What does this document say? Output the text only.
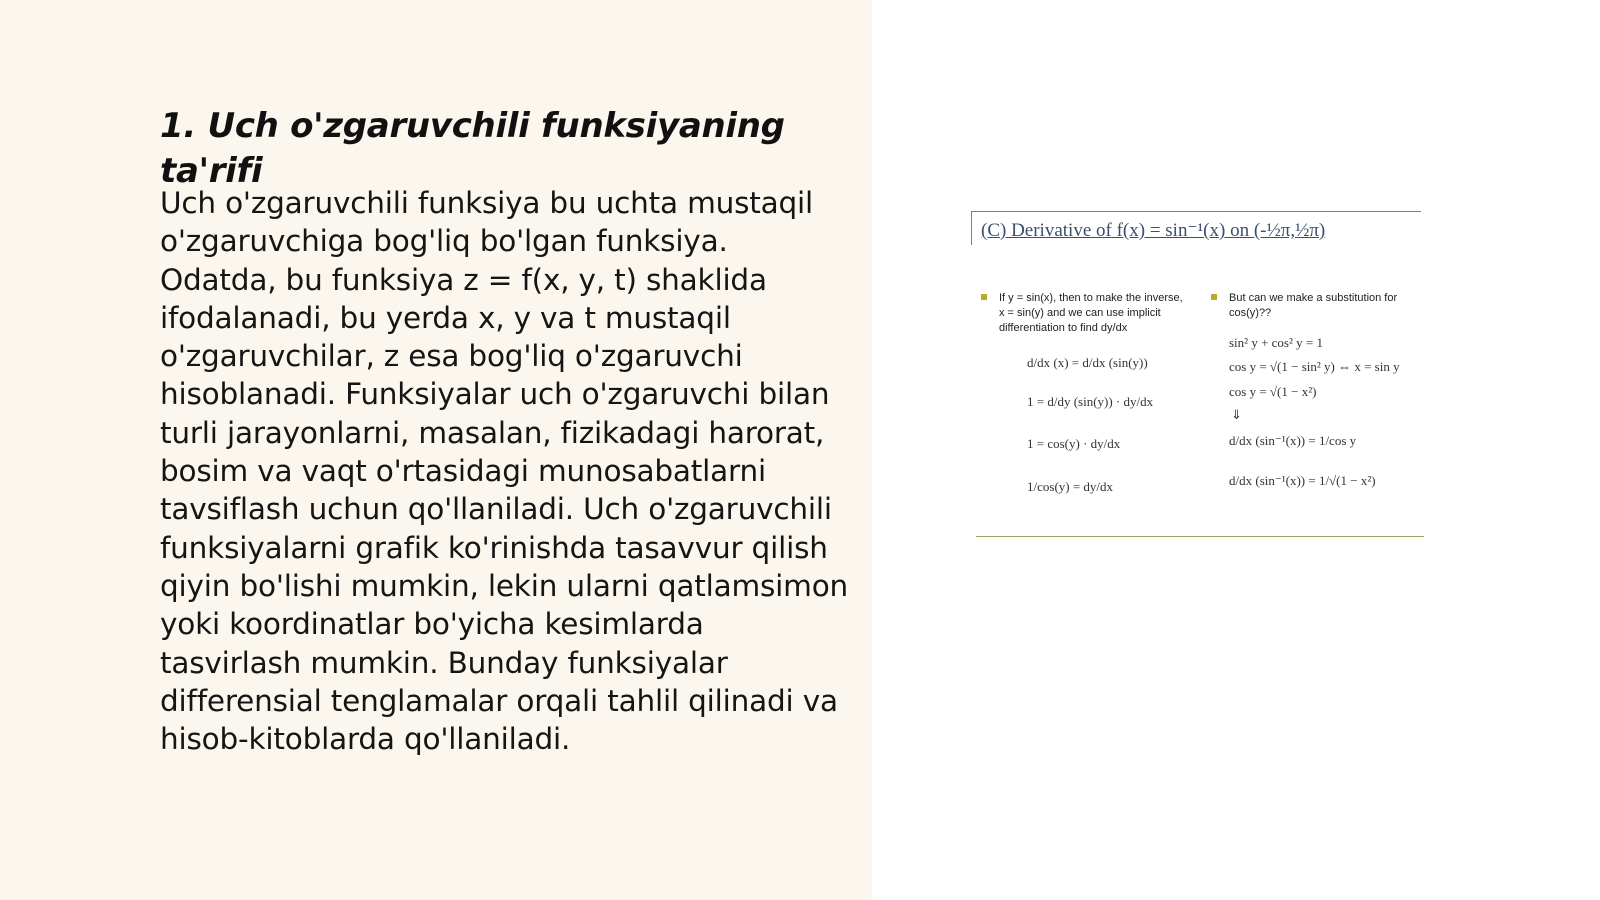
1. Uch o'zgaruvchili funksiyaning ta'rifi

Uch o'zgaruvchili funksiya bu uchta mustaqil o'zgaruvchiga bog'liq bo'lgan funksiya. Odatda, bu funksiya z = f(x, y, t) shaklida ifodalanadi, bu yerda x, y va t mustaqil o'zgaruvchilar, z esa bog'liq o'zgaruvchi hisoblanadi. Funksiyalar uch o'zgaruvchi bilan turli jarayonlarni, masalan, fizikadagi harorat, bosim va vaqt o'rtasidagi munosabatlarni tavsiflash uchun qo'llaniladi. Uch o'zgaruvchili funksiyalarni grafik ko'rinishda tasavvur qilish qiyin bo'lishi mumkin, lekin ularni qatlamsimon yoki koordinatlar bo'yicha kesimlarda tasvirlash mumkin. Bunday funksiyalar differensial tenglamalar orqali tahlil qilinadi va hisob-kitoblarda qo'llaniladi.

(C) Derivative of f(x) = sin⁻¹(x) on (-½π,½π)

If y = sin(x), then to make the inverse, x = sin(y) and we can use implicit differentiation to find dy/dx

But can we make a substitution for cos(y)??

d/dx (x) = d/dx (sin(y))
1 = d/dy (sin(y)) · dy/dx
1 = cos(y) · dy/dx
1/cos(y) = dy/dx
sin² y + cos² y = 1
cos y = √(1 − sin² y) ⇔ x = sin y
cos y = √(1 − x²)
⇓
d/dx (sin⁻¹(x)) = 1/cos y
d/dx (sin⁻¹(x)) = 1/√(1 − x²)
